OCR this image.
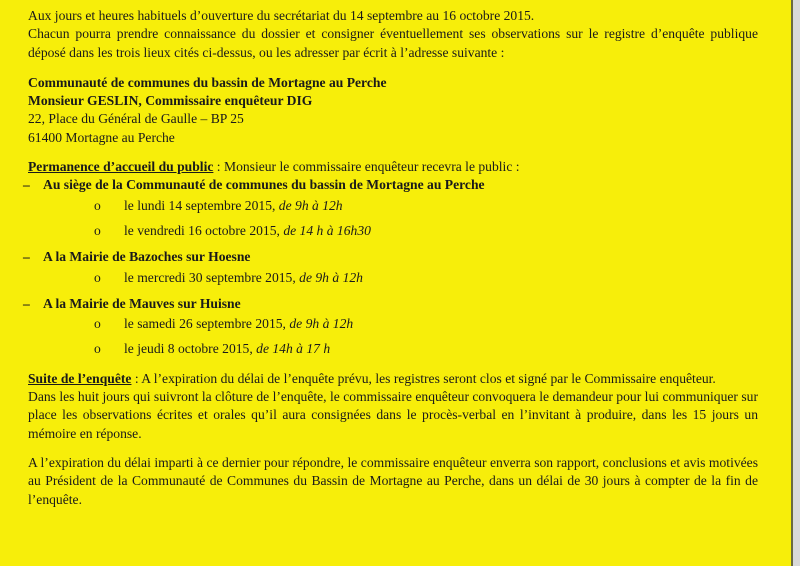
Aux jours et heures habituels d’ouverture du secrétariat du 14 septembre au 16 octobre 2015.

Chacun pourra prendre connaissance du dossier et consigner éventuellement ses observations sur le registre d’enquête publique déposé dans les trois lieux cités ci-dessus, ou les adresser par écrit à l’adresse suivante :

Communauté de communes du bassin de Mortagne au Perche

Monsieur GESLIN, Commissaire enquêteur DIG

22, Place du Général de Gaulle – BP 25

61400 Mortagne au Perche

Permanence d’accueil du public : Monsieur le commissaire enquêteur recevra le public :

– Au siège de la Communauté de communes du bassin de Mortagne au Perche
o	le lundi 14 septembre 2015, de 9h à 12h
o	le vendredi 16 octobre 2015, de 14 h à 16h30
– A la Mairie de Bazoches sur Hoesne
o	le mercredi 30 septembre 2015, de 9h à 12h
– A la Mairie de Mauves sur Huisne
o	le samedi 26 septembre 2015, de 9h à 12h
o	le jeudi 8 octobre 2015, de 14h à 17 h

Suite de l’enquête : A l’expiration du délai de l’enquête prévu, les registres seront clos et signé par le Commissaire enquêteur.

Dans les huit jours qui suivront la clôture de l’enquête, le commissaire enquêteur convoquera le demandeur pour lui communiquer sur place les observations écrites et orales qu’il aura consignées dans le procès-verbal en l’invitant à produire, dans les 15 jours un mémoire en réponse.

A l’expiration du délai imparti à ce dernier pour répondre, le commissaire enquêteur enverra son rapport, conclusions et avis motivées au Président de la Communauté de Communes du Bassin de Mortagne au Perche, dans un délai de 30 jours à compter de la fin de l’enquête.
